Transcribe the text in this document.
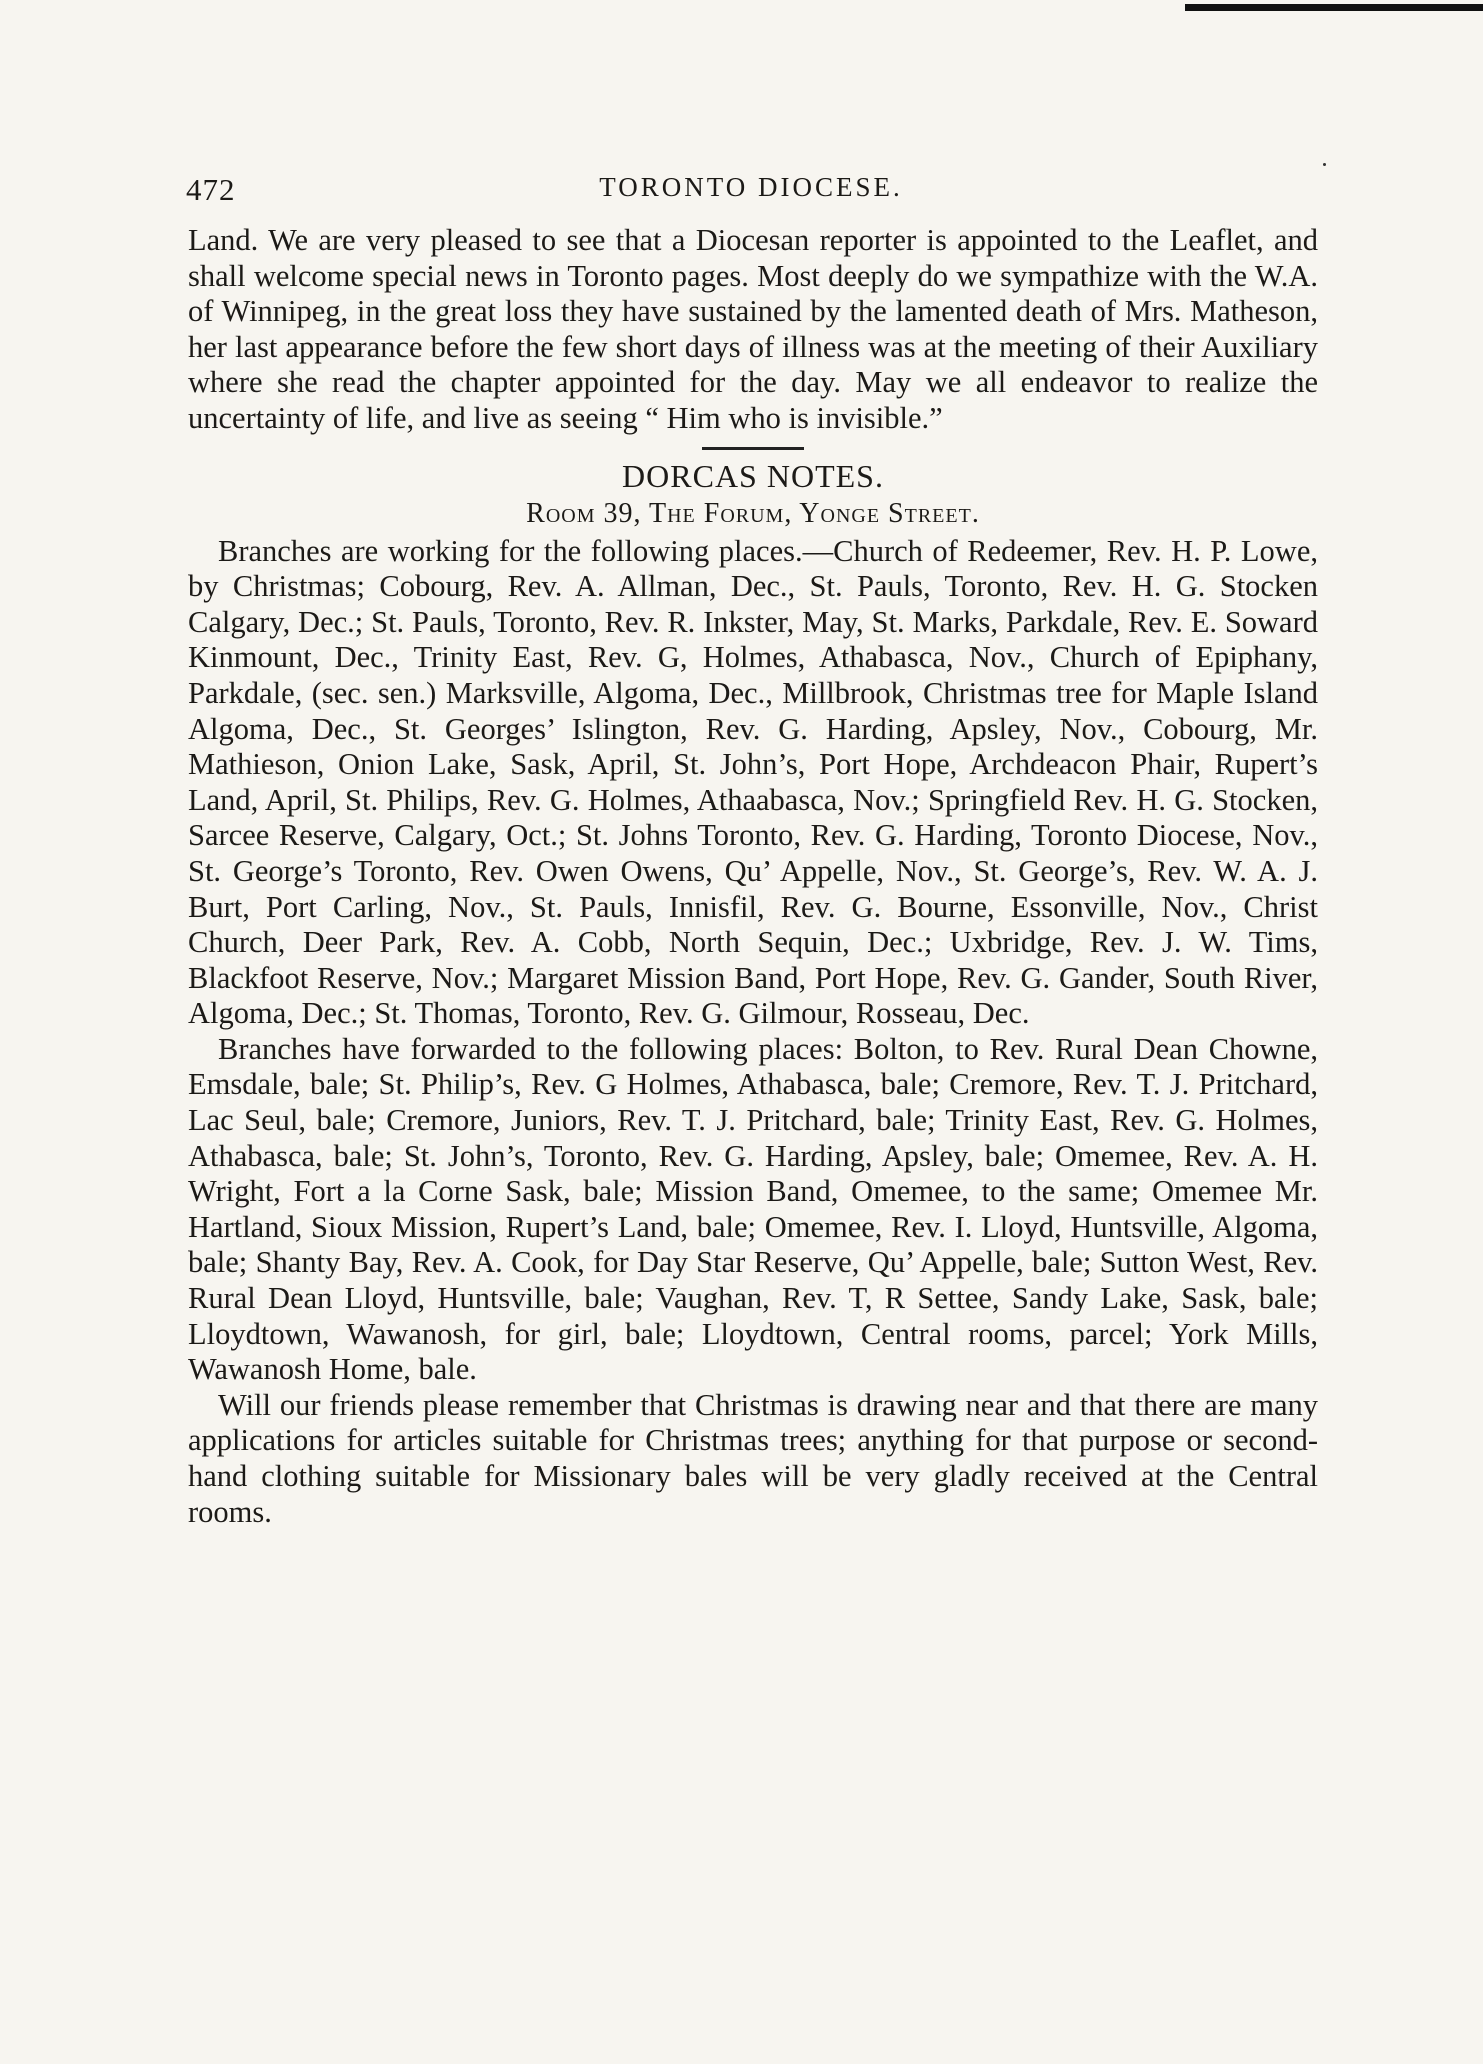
472	TORONTO DIOCESE.

Land. We are very pleased to see that a Diocesan reporter is appointed to the Leaflet, and shall welcome special news in Toronto pages. Most deeply do we sympathize with the W.A. of Winnipeg, in the great loss they have sustained by the lamented death of Mrs. Matheson, her last appearance before the few short days of illness was at the meeting of their Auxiliary where she read the chapter appointed for the day. May we all endeavor to realize the uncertainty of life, and live as seeing “ Him who is invisible.”

DORCAS NOTES.
Room 39, The Forum, Yonge Street.

Branches are working for the following places.—Church of Redeemer, Rev. H. P. Lowe, by Christmas; Cobourg, Rev. A. Allman, Dec., St. Pauls, Toronto, Rev. H. G. Stocken Calgary, Dec.; St. Pauls, Toronto, Rev. R. Inkster, May, St. Marks, Parkdale, Rev. E. Soward Kinmount, Dec., Trinity East, Rev. G, Holmes, Athabasca, Nov., Church of Epiphany, Parkdale, (sec. sen.) Marksville, Algoma, Dec., Millbrook, Christmas tree for Maple Island Algoma, Dec., St. Georges’ Islington, Rev. G. Harding, Apsley, Nov., Cobourg, Mr. Mathieson, Onion Lake, Sask, April, St. John’s, Port Hope, Archdeacon Phair, Rupert’s Land, April, St. Philips, Rev. G. Holmes, Athaabasca, Nov.; Springfield Rev. H. G. Stocken, Sarcee Reserve, Calgary, Oct.; St. Johns Toronto, Rev. G. Harding, Toronto Diocese, Nov., St. George’s Toronto, Rev. Owen Owens, Qu’ Appelle, Nov., St. George’s, Rev. W. A. J. Burt, Port Carling, Nov., St. Pauls, Innisfil, Rev. G. Bourne, Essonville, Nov., Christ Church, Deer Park, Rev. A. Cobb, North Sequin, Dec.; Uxbridge, Rev. J. W. Tims, Blackfoot Reserve, Nov.; Margaret Mission Band, Port Hope, Rev. G. Gander, South River, Algoma, Dec.; St. Thomas, Toronto, Rev. G. Gilmour, Rosseau, Dec.

Branches have forwarded to the following places: Bolton, to Rev. Rural Dean Chowne, Emsdale, bale; St. Philip’s, Rev. G Holmes, Athabasca, bale; Cremore, Rev. T. J. Pritchard, Lac Seul, bale; Cremore, Juniors, Rev. T. J. Pritchard, bale; Trinity East, Rev. G. Holmes, Athabasca, bale; St. John’s, Toronto, Rev. G. Harding, Apsley, bale; Omemee, Rev. A. H. Wright, Fort a la Corne Sask, bale; Mission Band, Omemee, to the same; Omemee Mr. Hartland, Sioux Mission, Rupert’s Land, bale; Omemee, Rev. I. Lloyd, Huntsville, Algoma, bale; Shanty Bay, Rev. A. Cook, for Day Star Reserve, Qu’ Appelle, bale; Sutton West, Rev. Rural Dean Lloyd, Huntsville, bale; Vaughan, Rev. T, R Settee, Sandy Lake, Sask, bale; Lloydtown, Wawanosh, for girl, bale; Lloydtown, Central rooms, parcel; York Mills, Wawanosh Home, bale.

Will our friends please remember that Christmas is drawing near and that there are many applications for articles suitable for Christmas trees; anything for that purpose or second-hand clothing suitable for Missionary bales will be very gladly received at the Central rooms.
